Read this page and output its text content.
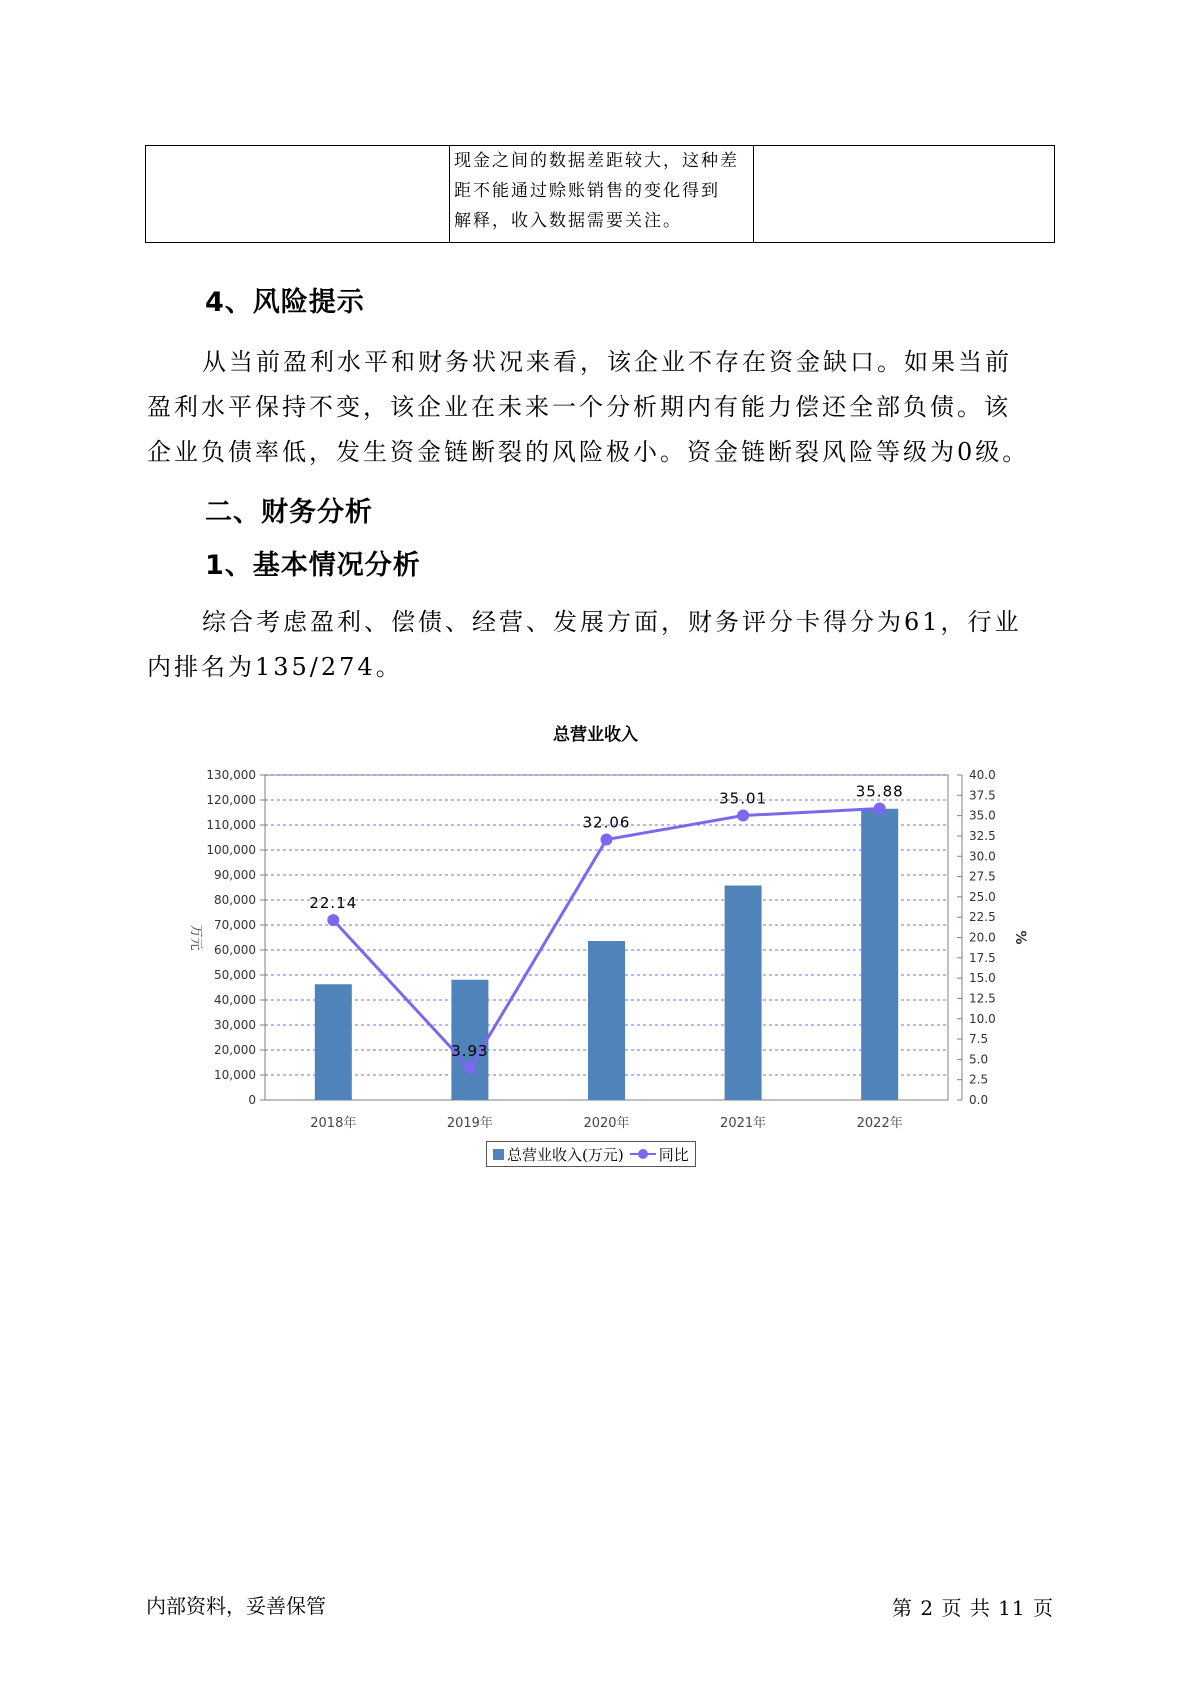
现金之间的数据差距较大，这种差
距不能通过赊账销售的变化得到
解释，收入数据需要关注。

4、风险提示
从当前盈利水平和财务状况来看，该企业不存在资金缺口。如果当前
盈利水平保持不变，该企业在未来一个分析期内有能力偿还全部负债。该
企业负债率低，发生资金链断裂的风险极小。资金链断裂风险等级为0级。
二、财务分析
1、基本情况分析
综合考虑盈利、偿债、经营、发展方面，财务评分卡得分为61，行业
内排名为135/274。
总营业收入
0
10,000
20,000
30,000
40,000
50,000
60,000
70,000
80,000
90,000
100,000
110,000
120,000
130,000
0.0
2.5
5.0
7.5
10.0
12.5
15.0
17.5
20.0
22.5
25.0
27.5
30.0
32.5
35.0
37.5
40.0
万元	%
2018年	2019年	2020年	2021年	2022年
22.14
3.93
32.06
35.01	35.88
总营业收入(万元) 同比
内部资料，妥善保管	第 2 页 共 11 页
